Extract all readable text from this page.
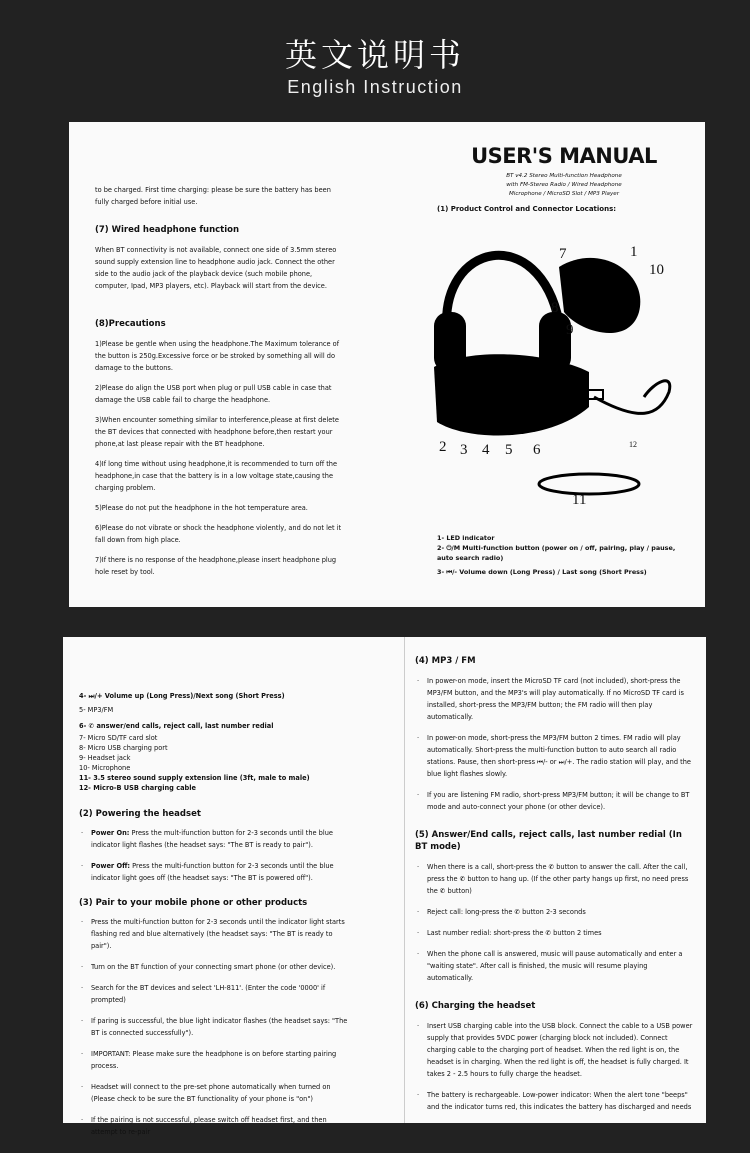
英文说明书
English Instruction
to be charged. First time charging: please be sure the battery has been fully charged before initial use.
(7) Wired headphone function
When BT connectivity is not available, connect one side of 3.5mm stereo sound supply extension line to headphone audio jack. Connect the other side to the audio jack of the playback device (such mobile phone, computer, Ipad, MP3 players, etc). Playback will start from the device.
(8)Precautions
1)Please be gentle when using the headphone.The Maximum tolerance of the button is 250g.Excessive force or be stroked by something all will do damage to the buttons.
2)Please do align the USB port when plug or pull USB cable in case that damage the USB cable fail to charge the headphone.
3)When encounter something similar to interference,please at first delete the BT devices that connected with headphone before,then restart your phone,at last please repair with the BT headphone.
4)If long time without using headphone,it is recommended to turn off the headphone,in case that the battery is in a low voltage state,causing the charging problem.
5)Please do not put the headphone in the hot temperature area.
6)Please do not vibrate or shock the headphone violently, and do not let it fall down from high place.
7)If there is no response of the headphone,please insert headphone plug hole reset by tool.
USER'S MANUAL
BT v4.2 Stereo Multi-function Headphone
with FM-Stereo Radio / Wired Headphone
Microphone / MicroSD Slot / MP3 Player
(1) Product Control and Connector Locations:
7	1
10
8
9
2 3 4 5 6	12
11
1- LED indicator
2- ⏻/M Multi-function button (power on / off, pairing, play / pause, auto search radio)
3- ⏮/- Volume down (Long Press) / Last song (Short Press)
4- ⏭/+ Volume up (Long Press)/Next song (Short Press)
5- MP3/FM
6- ✆ answer/end calls, reject call, last number redial
7- Micro SD/TF card slot
8- Micro USB charging port
9- Headset jack
10- Microphone
11- 3.5 stereo sound supply extension line (3ft, male to male)
12- Micro-B USB charging cable
(2) Powering the headset
· Power On: Press the mult-ifunction button for 2-3 seconds until the blue indicator light flashes (the headset says: "The BT is ready to pair").
· Power Off: Press the multi-function button for 2-3 seconds until the blue indicator light goes off (the headset says: "The BT is powered off").
(3) Pair to your mobile phone or other products
· Press the multi-function button for 2-3 seconds until the indicator light starts flashing red and blue alternatively (the headset says: "The BT is ready to pair").
· Turn on the BT function of your connecting smart phone (or other device).
· Search for the BT devices and select 'LH-811'. (Enter the code '0000' if prompted)
· If paring is successful, the blue light indicator flashes (the headset says: "The BT is connected successfully").
· IMPORTANT: Please make sure the headphone is on before starting pairing process.
· Headset will connect to the pre-set phone automatically when turned on (Please check to be sure the BT functionality of your phone is "on")
· If the pairing is not successful, please switch off headset first, and then attempt to re-pair
(4) MP3 / FM
· In power-on mode, insert the MicroSD TF card (not included), short-press the MP3/FM button, and the MP3's will play automatically. If no MicroSD TF card is installed, short-press the MP3/FM button; the FM radio will then play automatically.
· In power-on mode, short-press the MP3/FM button 2 times. FM radio will play automatically. Short-press the multi-function button to auto search all radio stations. Pause, then short-press ⏮/- or ⏭/+. The radio station will play, and the blue light flashes slowly.
· If you are listening FM radio, short-press MP3/FM button; it will be change to BT mode and auto-connect your phone (or other device).
(5) Answer/End calls, reject calls, last number redial (In BT mode)
· When there is a call, short-press the ✆ button to answer the call. After the call, press the ✆ button to hang up. (If the other party hangs up first, no need press the ✆ button)
· Reject call: long-press the ✆ button 2-3 seconds
· Last number redial: short-press the ✆ button 2 times
· When the phone call is answered, music will pause automatically and enter a "waiting state". After call is finished, the music will resume playing automatically.
(6) Charging the headset
· Insert USB charging cable into the USB block. Connect the cable to a USB power supply that provides 5VDC power (charging block not included). Connect charging cable to the charging port of headset. When the red light is on, the headset is in charging. When the red light is off, the headset is fully charged. It takes 2 - 2.5 hours to fully charge the headset.
· The battery is rechargeable. Low-power indicator: When the alert tone "beeps" and the indicator turns red, this indicates the battery has discharged and needs
